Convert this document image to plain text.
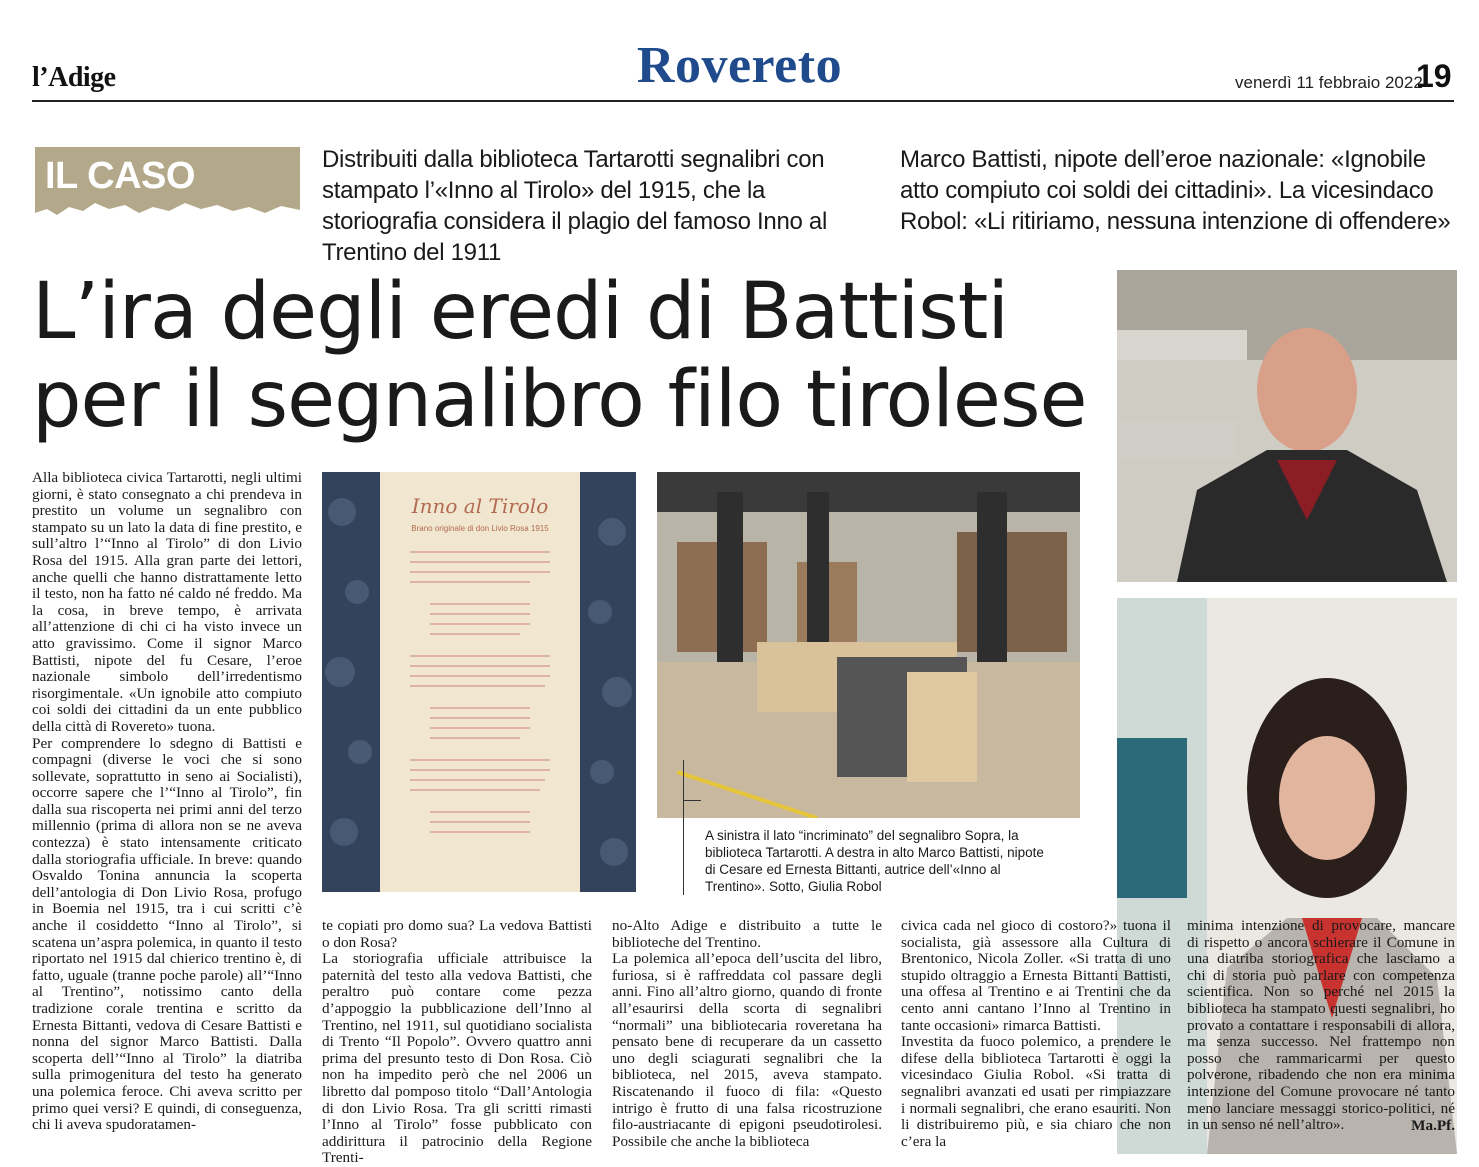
l’Adige	Rovereto	venerdì 11 febbraio 2022
19
IL CASO	Distribuiti dalla biblioteca Tartarotti segnalibri con stampato l’«Inno al Tirolo» del 1915, che la storiografia considera il plagio del famoso Inno al Trentino del 1911
Marco Battisti, nipote dell’eroe nazionale: «Ignobile atto compiuto coi soldi dei cittadini». La vicesindaco Robol: «Li ritiriamo, nessuna intenzione di offendere»
L’ira degli eredi di Battisti
per il segnalibro filo tirolese
Inno al Tirolo
Brano originale di don Livio Rosa 1915
A sinistra il lato “incriminato” del segnalibro Sopra, la biblioteca Tartarotti. A destra in alto Marco Battisti, nipote di Cesare ed Ernesta Bittanti, autrice dell’«Inno al Trentino». Sotto, Giulia Robol

Alla biblioteca civica Tartarotti, negli ultimi giorni, è stato consegnato a chi prendeva in prestito un volume un segnalibro con stampato su un lato la data di fine prestito, e sull’altro l’“Inno al Tirolo” di don Livio Rosa del 1915. Alla gran parte dei lettori, anche quelli che hanno distrattamente letto il testo, non ha fatto né caldo né freddo. Ma la cosa, in breve tempo, è arrivata all’attenzione di chi ci ha visto invece un atto gravissimo. Come il signor Marco Battisti, nipote del fu Cesare, l’eroe nazionale simbolo dell’irredentismo risorgimentale. «Un ignobile atto compiuto coi soldi dei cittadini da un ente pubblico della città di Rovereto» tuona.

Per comprendere lo sdegno di Battisti e compagni (diverse le voci che si sono sollevate, soprattutto in seno ai Socialisti), occorre sapere che l’“Inno al Tirolo”, fin dalla sua riscoperta nei primi anni del terzo millennio (prima di allora non se ne aveva contezza) è stato intensamente criticato dalla storiografia ufficiale. In breve: quando Osvaldo Tonina annuncia la scoperta dell’antologia di Don Livio Rosa, profugo in Boemia nel 1915, tra i cui scritti c’è anche il cosiddetto “Inno al Tirolo”, si scatena un’aspra polemica, in quanto il testo riportato nel 1915 dal chierico trentino è, di fatto, uguale (tranne poche parole) all’“Inno al Trentino”, notissimo canto della tradizione corale trentina e scritto da Ernesta Bittanti, vedova di Cesare Battisti e nonna del signor Marco Battisti. Dalla scoperta dell’“Inno al Tirolo” la diatriba sulla primogenitura del testo ha generato una polemica feroce. Chi aveva scritto per primo quei versi? E quindi, di conseguenza, chi li aveva spudoratamen-

te copiati pro domo sua? La vedova Battisti o don Rosa?

La storiografia ufficiale attribuisce la paternità del testo alla vedova Battisti, che peraltro può contare come pezza d’appoggio la pubblicazione dell’Inno al Trentino, nel 1911, sul quotidiano socialista di Trento “Il Popolo”. Ovvero quattro anni prima del presunto testo di Don Rosa. Ciò non ha impedito però che nel 2006 un libretto dal pomposo titolo “Dall’Antologia di don Livio Rosa. Tra gli scritti rimasti l’Inno al Tirolo” fosse pubblicato con addirittura il patrocinio della Regione Trenti-

no-Alto Adige e distribuito a tutte le biblioteche del Trentino.

La polemica all’epoca dell’uscita del libro, furiosa, si è raffreddata col passare degli anni. Fino all’altro giorno, quando di fronte all’esaurirsi della scorta di segnalibri “normali” una bibliotecaria roveretana ha pensato bene di recuperare da un cassetto uno degli sciagurati segnalibri che la biblioteca, nel 2015, aveva stampato. Riscatenando il fuoco di fila: «Questo intrigo è frutto di una falsa ricostruzione filo-austriacante di epigoni pseudotirolesi. Possibile che anche la biblioteca

civica cada nel gioco di costoro?» tuona il socialista, già assessore alla Cultura di Brentonico, Nicola Zoller. «Si tratta di uno stupido oltraggio a Ernesta Bittanti Battisti, una offesa al Trentino e ai Trentini che da cento anni cantano l’Inno al Trentino in tante occasioni» rimarca Battisti.

Investita da fuoco polemico, a prendere le difese della biblioteca Tartarotti è oggi la vicesindaco Giulia Robol. «Si tratta di segnalibri avanzati ed usati per rimpiazzare i normali segnalibri, che erano esauriti. Non li distribuiremo più, e sia chiaro che non c’era la

minima intenzione di provocare, mancare di rispetto o ancora schierare il Comune in una diatriba storiografica che lasciamo a chi di storia può parlare con competenza scientifica. Non so perché nel 2015 la biblioteca ha stampato questi segnalibri, ho provato a contattare i responsabili di allora, ma senza successo. Nel frattempo non posso che rammaricarmi per questo polverone, ribadendo che non era minima intenzione del Comune provocare né tanto meno lanciare messaggi storico-politici, né in un senso né nell’altro».	Ma.Pf.
